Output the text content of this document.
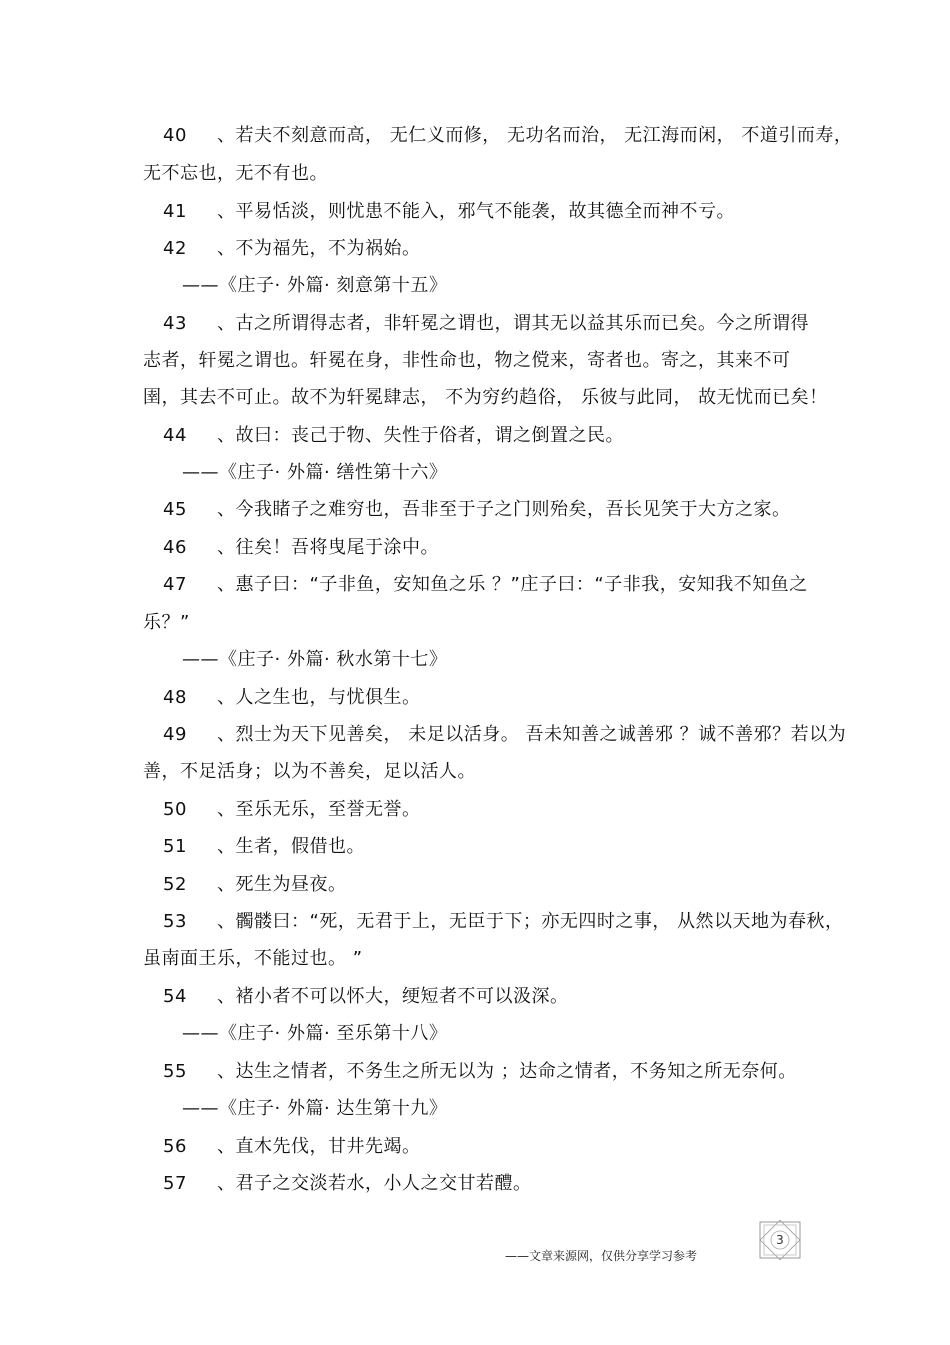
40 、若夫不刻意而高， 无仁义而修， 无功名而治， 无江海而闲， 不道引而寿，
无不忘也，无不有也。
41 、平易恬淡，则忧患不能入，邪气不能袭，故其德全而神不亏。
42 、不为福先，不为祸始。
——《庄子· 外篇· 刻意第十五》
43 、古之所谓得志者，非轩冕之谓也，谓其无以益其乐而已矣。今之所谓得
志者，轩冕之谓也。轩冕在身，非性命也，物之傥来，寄者也。寄之，其来不可
圉，其去不可止。故不为轩冕肆志， 不为穷约趋俗， 乐彼与此同， 故无忧而已矣！
44 、故曰：丧己于物、失性于俗者，谓之倒置之民。
——《庄子· 外篇· 缮性第十六》
45 、今我睹子之难穷也，吾非至于子之门则殆矣，吾长见笑于大方之家。
46 、往矣！吾将曳尾于涂中。
47 、惠子曰：“子非鱼，安知鱼之乐 ？”庄子曰：“子非我，安知我不知鱼之
乐？”
——《庄子· 外篇· 秋水第十七》
48 、人之生也，与忧俱生。
49 、烈士为天下见善矣， 未足以活身。 吾未知善之诚善邪 ？诚不善邪？若以为
善，不足活身；以为不善矣，足以活人。
50 、至乐无乐，至誉无誉。
51 、生者，假借也。
52 、死生为昼夜。
53 、髑髅曰：“死，无君于上，无臣于下；亦无四时之事， 从然以天地为春秋，
虽南面王乐，不能过也。 ”
54 、褚小者不可以怀大，绠短者不可以汲深。
——《庄子· 外篇· 至乐第十八》
55 、达生之情者，不务生之所无以为 ；达命之情者，不务知之所无奈何。
——《庄子· 外篇· 达生第十九》
56 、直木先伐，甘井先竭。
57 、君子之交淡若水，小人之交甘若醴。
——文章来源网，仅供分享学习参考
3
